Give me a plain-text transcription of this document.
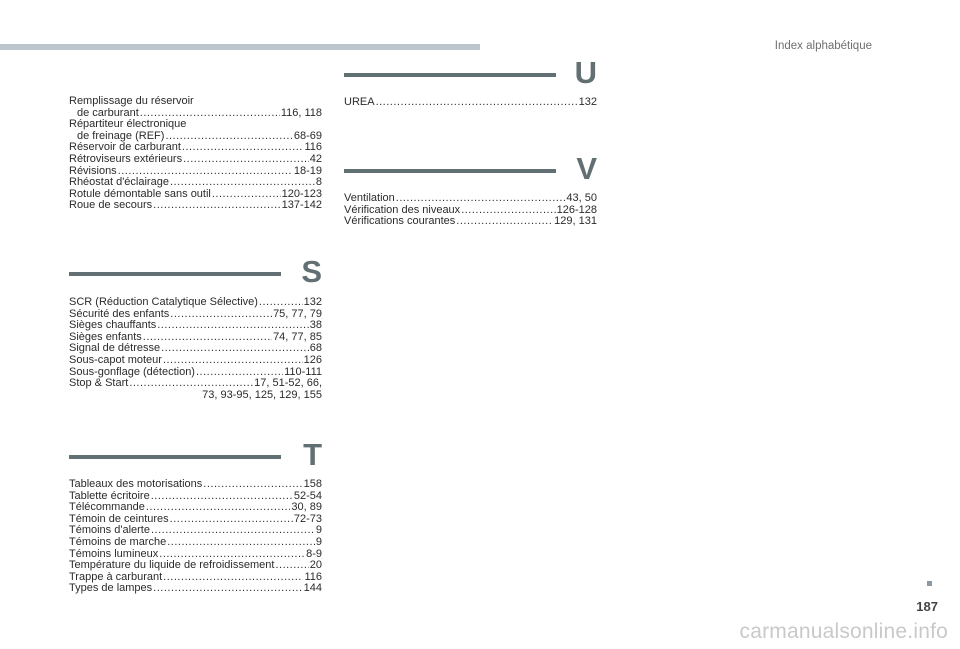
Index alphabétique
Remplissage du réservoir
de carburant .....	116, 118
Répartiteur électronique
de freinage (REF) .....	68-69
Réservoir de carburant .....	116
Rétroviseurs extérieurs .....	42
Révisions .....	18-19
Rhéostat d'éclairage .....	8
Rotule démontable sans outil .....	120-123
Roue de secours .....	137-142
S
SCR (Réduction Catalytique Sélective) .....	132
Sécurité des enfants .....	75, 77, 79
Sièges chauffants .....	38
Sièges enfants .....	74, 77, 85
Signal de détresse .....	68
Sous-capot moteur .....	126
Sous-gonflage (détection) .....	110-111
Stop & Start .....	17, 51-52, 66,
73, 93-95, 125, 129, 155
T
Tableaux des motorisations .....	158
Tablette écritoire .....	52-54
Télécommande .....	30, 89
Témoin de ceintures .....	72-73
Témoins d'alerte .....	9
Témoins de marche .....	9
Témoins lumineux .....	8-9
Température du liquide de refroidissement .....	20
Trappe à carburant .....	116
Types de lampes .....	144
U
UREA .....	132
V
Ventilation .....	43, 50
Vérification des niveaux .....	126-128
Vérifications courantes .....	129, 131
187
carmanualsonline.info
